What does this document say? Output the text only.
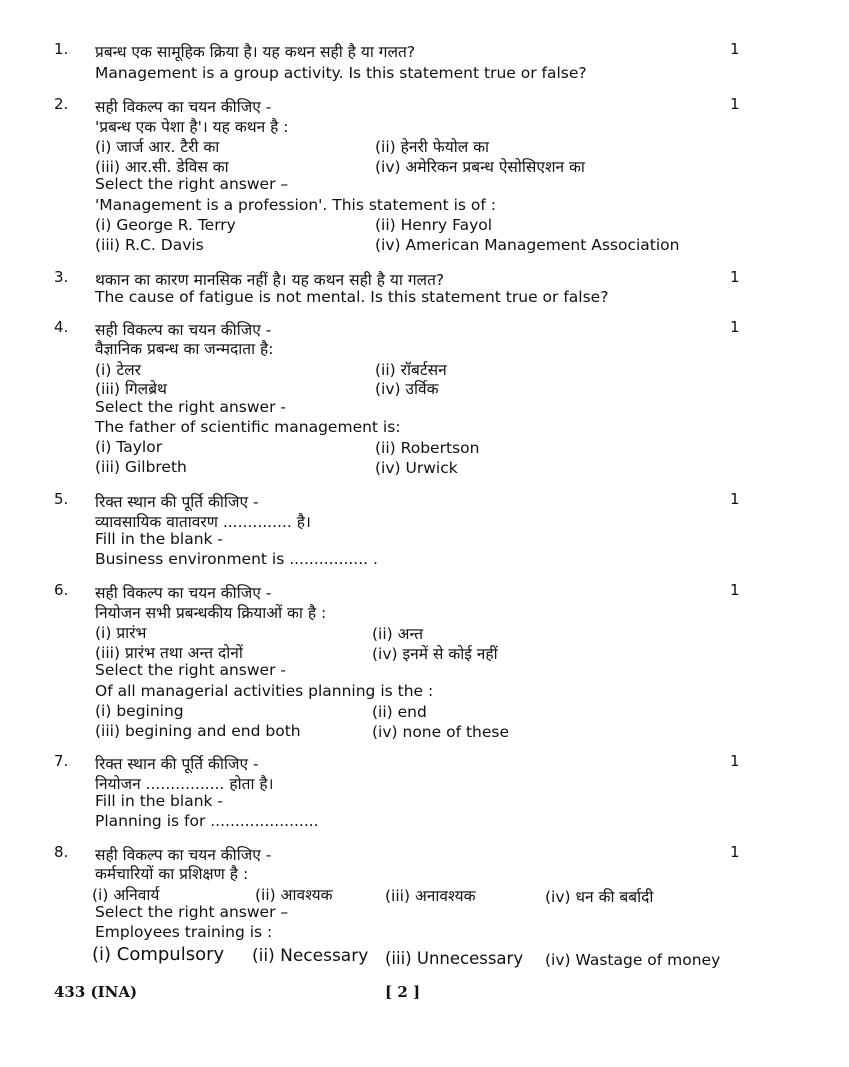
1.	1
प्रबन्ध एक सामूहिक क्रिया है। यह कथन सही है या गलत?
Management is a group activity. Is this statement true or false?
2.	1
सही विकल्प का चयन कीजिए -
'प्रबन्ध एक पेशा है'। यह कथन है :
(i) जार्ज आर. टैरी का	(ii) हेनरी फेयोल का
(iii) आर.सी. डेविस का	(iv) अमेरिकन प्रबन्ध ऐसोसिएशन का
Select the right answer –
'Management is a profession'. This statement is of :
(i) George R. Terry	(ii) Henry Fayol
(iii) R.C. Davis	(iv) American Management Association
3.	1
थकान का कारण मानसिक नहीं है। यह कथन सही है या गलत?
The cause of fatigue is not mental. Is this statement true or false?
4.	1
सही विकल्प का चयन कीजिए -
वैज्ञानिक प्रबन्ध का जन्मदाता है:
(i) टेलर	(ii) रॉबर्टसन
(iii) गिलब्रेथ	(iv) उर्विक
Select the right answer -
The father of scientific management is:
(i) Taylor	(ii) Robertson
(iii) Gilbreth	(iv) Urwick
5.	1
रिक्त स्थान की पूर्ति कीजिए -
व्यावसायिक वातावरण .............. है।
Fill in the blank -
Business environment is ................ .
6.	1
सही विकल्प का चयन कीजिए -
नियोजन सभी प्रबन्धकीय क्रियाओं का है :
(i) प्रारंभ	(ii) अन्त
(iii) प्रारंभ तथा अन्त दोनों	(iv) इनमें से कोई नहीं
Select the right answer -
Of all managerial activities planning is the :
(i) begining	(ii) end
(iii) begining and end both	(iv) none of these
7.	1
रिक्त स्थान की पूर्ति कीजिए -
नियोजन ................ होता है।
Fill in the blank -
Planning is for ......................
8.	1
सही विकल्प का चयन कीजिए -
कर्मचारियों का प्रशिक्षण है :
(i) अनिवार्य	(ii) आवश्यक	(iii) अनावश्यक	(iv) धन की बर्बादी
Select the right answer –
Employees training is :
(i) Compulsory (ii) Necessary (iii) Unnecessary (iv) Wastage of money
433 (INA)	[ 2 ]
